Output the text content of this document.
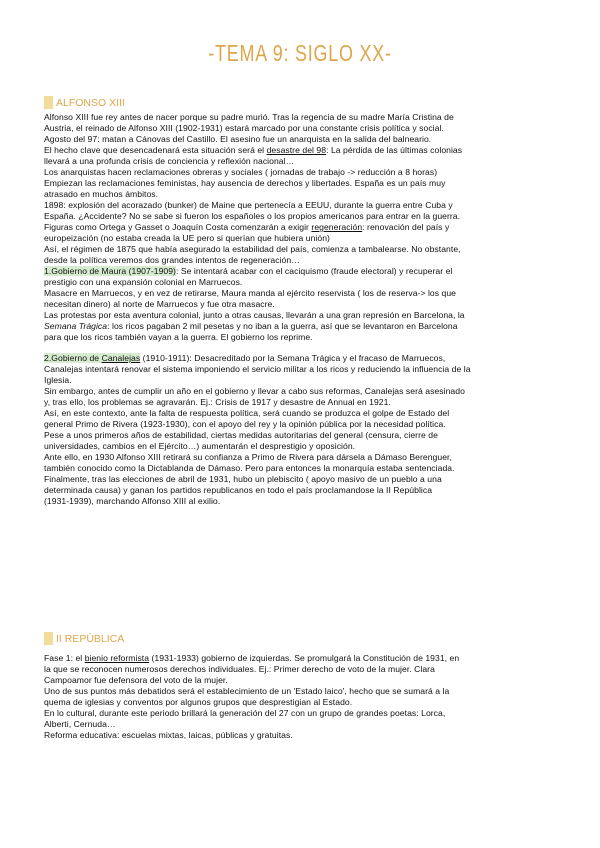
-TEMA 9: SIGLO XX-
ALFONSO XIII

Alfonso XIII fue rey antes de nacer porque su padre murió. Tras la regencia de su madre María Cristina de

Austria, el reinado de Alfonso XIII (1902-1931) estará marcado por una constante crisis política y social.

Agosto del 97: matan a Cánovas del Castillo. El asesino fue un anarquista en la salida del balneario.

El hecho clave que desencadenará esta situación será el desastre del 98: La pérdida de las últimas colonias

llevará a una profunda crisis de conciencia y reflexión nacional…

Los anarquistas hacen reclamaciones obreras y sociales ( jornadas de trabajo -> reducción a 8 horas)

Empiezan las reclamaciones feministas, hay ausencia de derechos y libertades. España es un país muy

atrasado en muchos ámbitos.

1898: explosión del acorazado (bunker) de Maine que pertenecía a EEUU, durante la guerra entre Cuba y

España. ¿Accidente? No se sabe si fueron los españoles o los propios americanos para entrar en la guerra.

Figuras como Ortega y Gasset o Joaquín Costa comenzarán a exigir regeneración: renovación del país y

europeización (no estaba creada la UE pero si querían que hubiera unión)

Así, el régimen de 1875 que había asegurado la estabilidad del país, comienza a tambalearse. No obstante,

desde la política veremos dos grandes intentos de regeneración…

1.Gobierno de Maura (1907-1909): Se intentará acabar con el caciquismo (fraude electoral) y recuperar el

prestigio con una expansión colonial en Marruecos.

Masacre en Marruecos, y en vez de retirarse, Maura manda al ejército reservista ( los de reserva-> los que

necesitan dinero) al norte de Marruecos y fue otra masacre.

Las protestas por esta aventura colonial, junto a otras causas, llevarán a una gran represión en Barcelona, la

Semana Trágica: los ricos pagaban 2 mil pesetas y no iban a la guerra, así que se levantaron en Barcelona

para que los ricos también vayan a la guerra. El gobierno los reprime.

2.Gobierno de Canalejas (1910-1911): Desacreditado por la Semana Trágica y el fracaso de Marruecos,

Canalejas intentará renovar el sistema imponiendo el servicio militar a los ricos y reduciendo la influencia de la

Iglesia.

Sin embargo, antes de cumplir un año en el gobierno y llevar a cabo sus reformas, Canalejas será asesinado

y, tras ello, los problemas se agravarán. Ej.: Crisis de 1917 y desastre de Annual en 1921.

Así, en este contexto, ante la falta de respuesta política, será cuando se produzca el golpe de Estado del

general Primo de Rivera (1923-1930), con el apoyo del rey y la opinión pública por la necesidad política.

Pese a unos primeros años de estabilidad, ciertas medidas autoritarias del general (censura, cierre de

universidades, cambios en el Ejército…) aumentarán el desprestigio y oposición.

Ante ello, en 1930 Alfonso XIII retirará su confianza a Primo de Rivera para dársela a Dámaso Berenguer,

también conocido como la Dictablanda de Dámaso. Pero para entonces la monarquía estaba sentenciada.

Finalmente, tras las elecciones de abril de 1931, hubo un plebiscito ( apoyo masivo de un pueblo a una

determinada causa) y ganan los partidos republicanos en todo el país proclamandose la II República

(1931-1939), marchando Alfonso XIII al exilio.

II REPÚBLICA

Fase 1: el bienio reformista (1931-1933) gobierno de izquierdas. Se promulgará la Constitución de 1931, en

la que se reconocen numerosos derechos individuales. Ej.: Primer derecho de voto de la mujer. Clara

Campoamor fue defensora del voto de la mujer.

Uno de sus puntos más debatidos será el establecimiento de un 'Estado laico', hecho que se sumará a la

quema de iglesias y conventos por algunos grupos que desprestigian al Estado.

En lo cultural, durante este periodo brillará la generación del 27 con un grupo de grandes poetas: Lorca,

Alberti, Cernuda…

Reforma educativa: escuelas mixtas, laicas, públicas y gratuitas.
